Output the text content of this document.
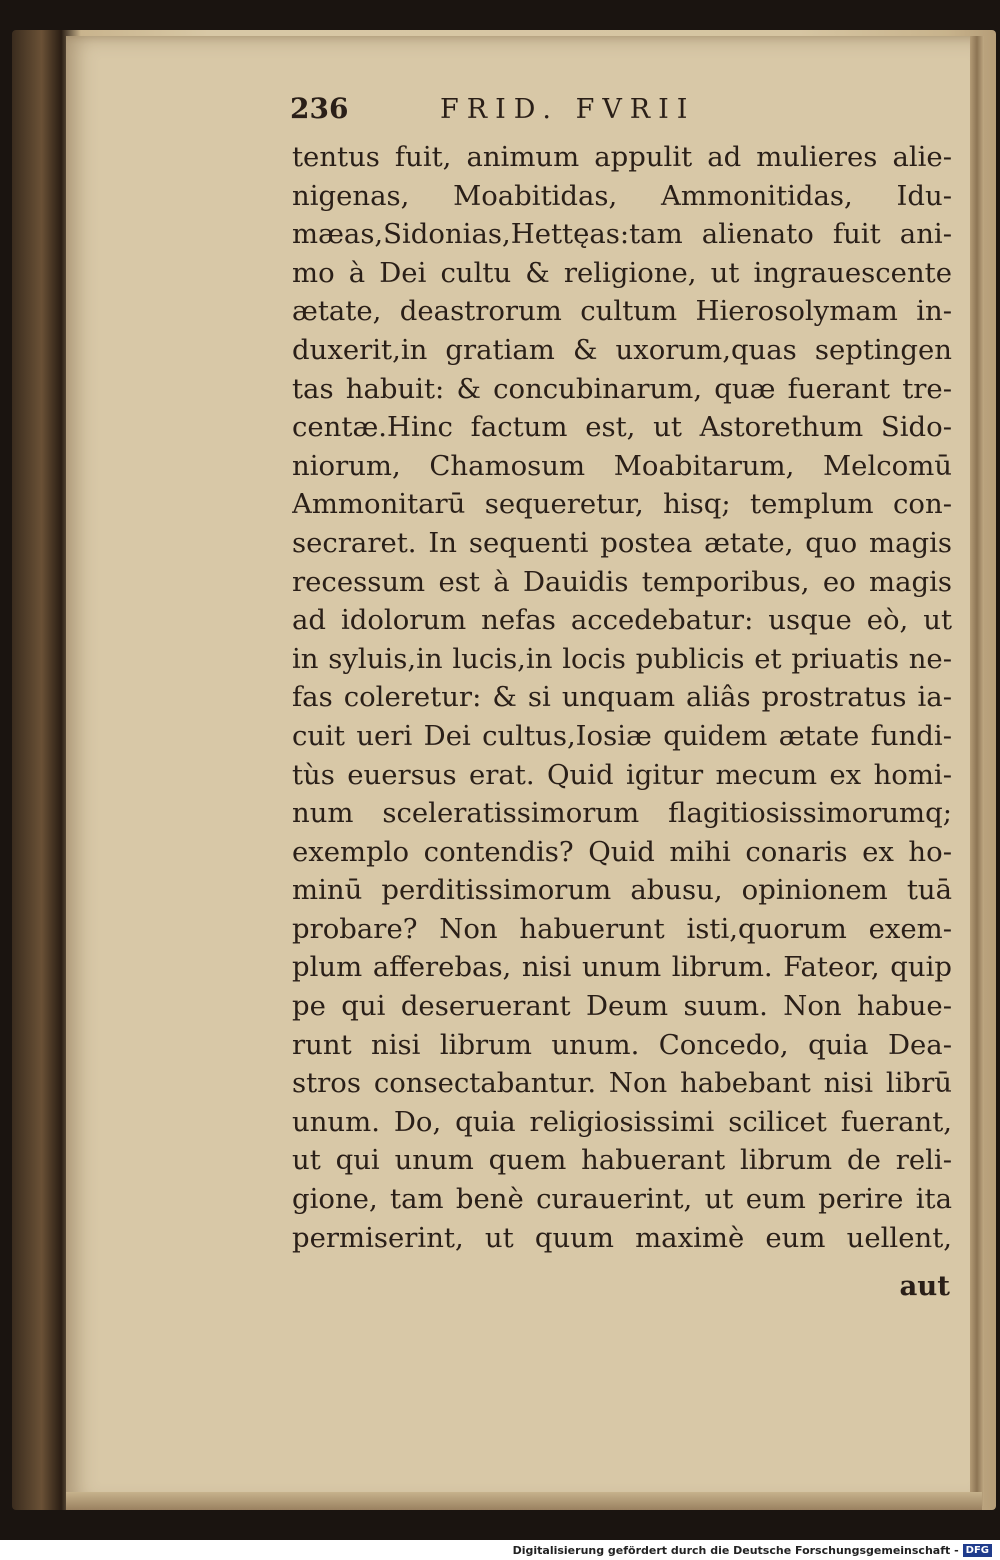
236	FRID. FVRII
tentus fuit, animum appulit ad mulieres alie-
nigenas, Moabitidas, Ammonitidas, Idu-
mæas,Sidonias,Hettęas:tam alienato fuit ani-
mo à Dei cultu & religione, ut ingrauescente
ætate, deastrorum cultum Hierosolymam in-
duxerit,in gratiam & uxorum,quas septingen
tas habuit: & concubinarum, quæ fuerant tre-
centæ.Hinc factum est, ut Astorethum Sido-
niorum, Chamosum Moabitarum, Melcomū
Ammonitarū sequeretur, hisq; templum con-
secraret. In sequenti postea ætate, quo magis
recessum est à Dauidis temporibus, eo magis
ad idolorum nefas accedebatur: usque eò, ut
in syluis,in lucis,in locis publicis et priuatis ne-
fas coleretur: & si unquam aliâs prostratus ia-
cuit ueri Dei cultus,Iosiæ quidem ætate fundi-
tùs euersus erat. Quid igitur mecum ex homi-
num sceleratissimorum flagitiosissimorumq;
exemplo contendis? Quid mihi conaris ex ho-
minū perditissimorum abusu, opinionem tuā
probare? Non habuerunt isti,quorum exem-
plum afferebas, nisi unum librum. Fateor, quip
pe qui deseruerant Deum suum. Non habue-
runt nisi librum unum. Concedo, quia Dea-
stros consectabantur. Non habebant nisi librū
unum. Do, quia religiosissimi scilicet fuerant,
ut qui unum quem habuerant librum de reli-
gione, tam benè curauerint, ut eum perire ita
permiserint, ut quum maximè eum uellent,
aut
Digitalisierung gefördert durch die Deutsche Forschungsgemeinschaft - DFG
